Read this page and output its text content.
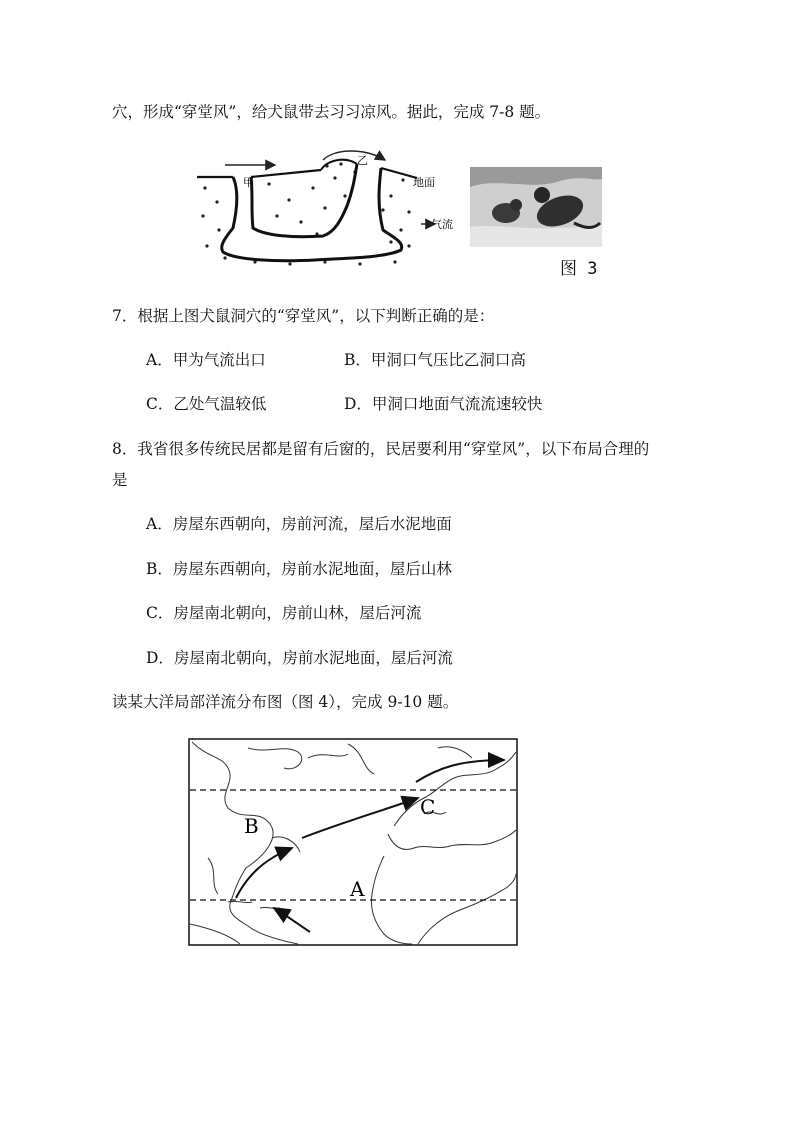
穴，形成“穿堂风”，给犬鼠带去习习凉风。据此，完成 7-8 题。
甲
乙
地面
气流
图 3
7．根据上图犬鼠洞穴的“穿堂风”，以下判断正确的是：
A．甲为气流出口	B．甲洞口气压比乙洞口高
C．乙处气温较低	D．甲洞口地面气流流速较快
8．我省很多传统民居都是留有后窗的，民居要利用“穿堂风”，以下布局合理的
是
A．房屋东西朝向，房前河流，屋后水泥地面
B．房屋东西朝向，房前水泥地面，屋后山林
C．房屋南北朝向，房前山林，屋后河流
D．房屋南北朝向，房前水泥地面，屋后河流
读某大洋局部洋流分布图（图 4），完成 9-10 题。
B
C
A
